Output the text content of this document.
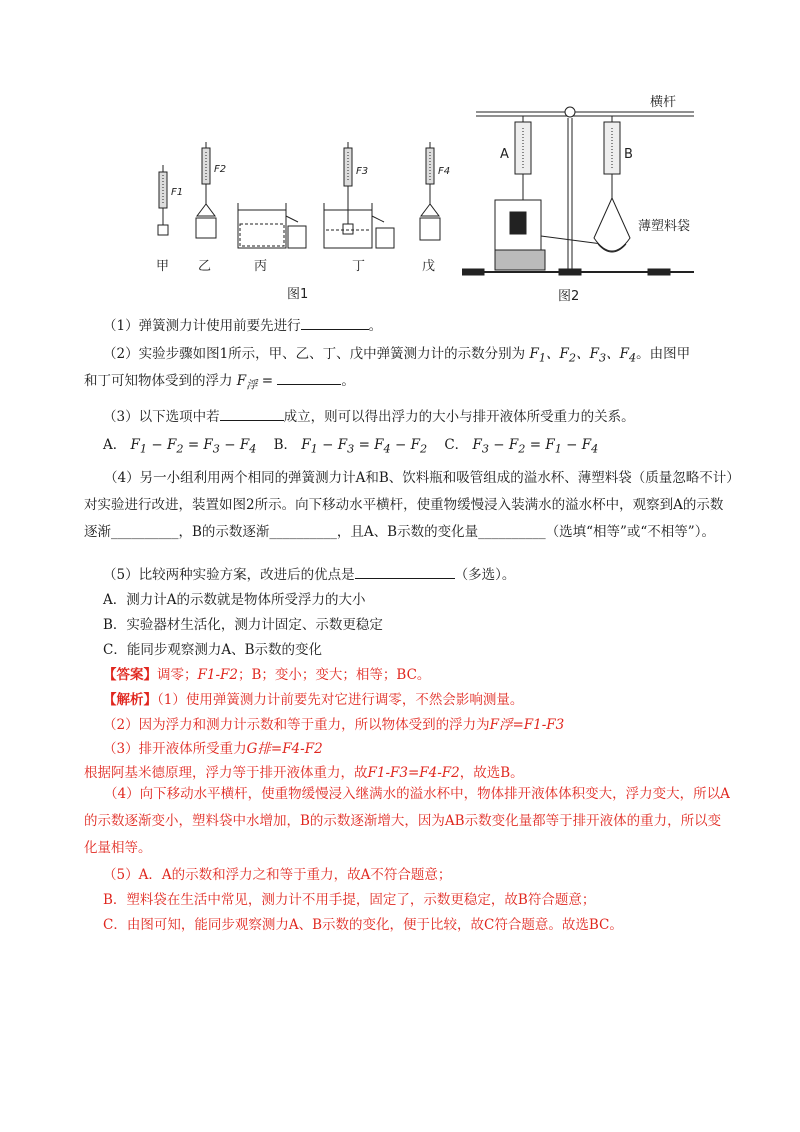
F1
F2	F3	F4
甲 乙	丙	丁	戊
图1
横杆
A	B
薄塑料袋
图2
（1）弹簧测力计使用前要先进行	。
（2）实验步骤如图1所示，甲、乙、丁、戊中弹簧测力计的示数分别为 $F_1$、$F_2$、$F_3$、$F_4$。由图甲
和丁可知物体受到的浮力 $F_浮$ =	。
（3）以下选项中若	成立，则可以得出浮力的大小与排开液体所受重力的关系。
A． $F_1 - F_2 = F_3 - F_4$ B． $F_1 - F_3 = F_4 - F_2$ C． $F_3 - F_2 = F_1 - F_4$
（4）另一小组利用两个相同的弹簧测力计A和B、饮料瓶和吸管组成的溢水杯、薄塑料袋（质量忽略不计）对实验进行改进，装置如图2所示。向下移动水平横杆，使重物缓慢浸入装满水的溢水杯中，观察到A的示数逐渐__________，B的示数逐渐__________，且A、B示数的变化量__________（选填“相等”或“不相等”）。
（5）比较两种实验方案，改进后的优点是	（多选）。
A．测力计A的示数就是物体所受浮力的大小
B．实验器材生活化，测力计固定、示数更稳定
C．能同步观察测力A、B示数的变化
【答案】调零；F1-F2；B；变小；变大；相等；BC。
【解析】（1）使用弹簧测力计前要先对它进行调零，不然会影响测量。
（2）因为浮力和测力计示数和等于重力，所以物体受到的浮力为F浮=F1-F3
（3）排开液体所受重力G排=F4-F2
根据阿基米德原理，浮力等于排开液体重力，故F1-F3=F4-F2，故选B。
（4）向下移动水平横杆，使重物缓慢浸入继满水的溢水杯中，物体排开液体体积变大，浮力变大，所以A的示数逐渐变小，塑料袋中水增加，B的示数逐渐增大，因为AB示数变化量都等于排开液体的重力，所以变化量相等。
（5）A．A的示数和浮力之和等于重力，故A不符合题意；
B．塑料袋在生活中常见，测力计不用手提，固定了，示数更稳定，故B符合题意；
C．由图可知，能同步观察测力A、B示数的变化，便于比较，故C符合题意。故选BC。
